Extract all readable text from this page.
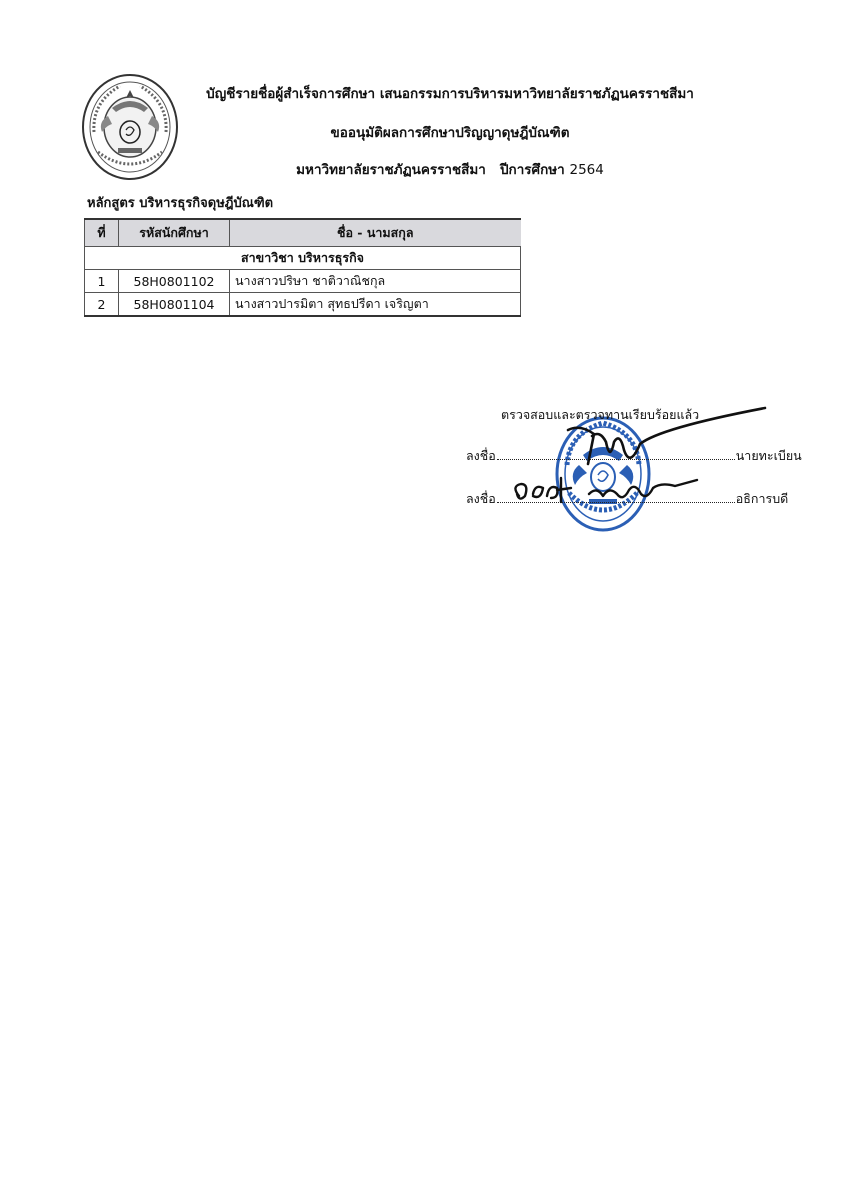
บัญชีรายชื่อผู้สำเร็จการศึกษา เสนอกรรมการบริหารมหาวิทยาลัยราชภัฏนครราชสีมา
ขออนุมัติผลการศึกษาปริญญาดุษฎีบัณฑิต
มหาวิทยาลัยราชภัฏนครราชสีมา ปีการศึกษา 2564
หลักสูตร บริหารธุรกิจดุษฎีบัณฑิต
ที่	รหัสนักศึกษา	ชื่อ - นามสกุล
สาขาวิชา บริหารธุรกิจ		
1	58H0801102	นางสาวปริษา ชาติวาณิชกุล
2	58H0801104	นางสาวปารมิตา สุทธปรีดา เจริญตา
ตรวจสอบและตรวจทานเรียบร้อยแล้ว
ลงชื่อ	นายทะเบียน
ลงชื่อ	อธิการบดี
